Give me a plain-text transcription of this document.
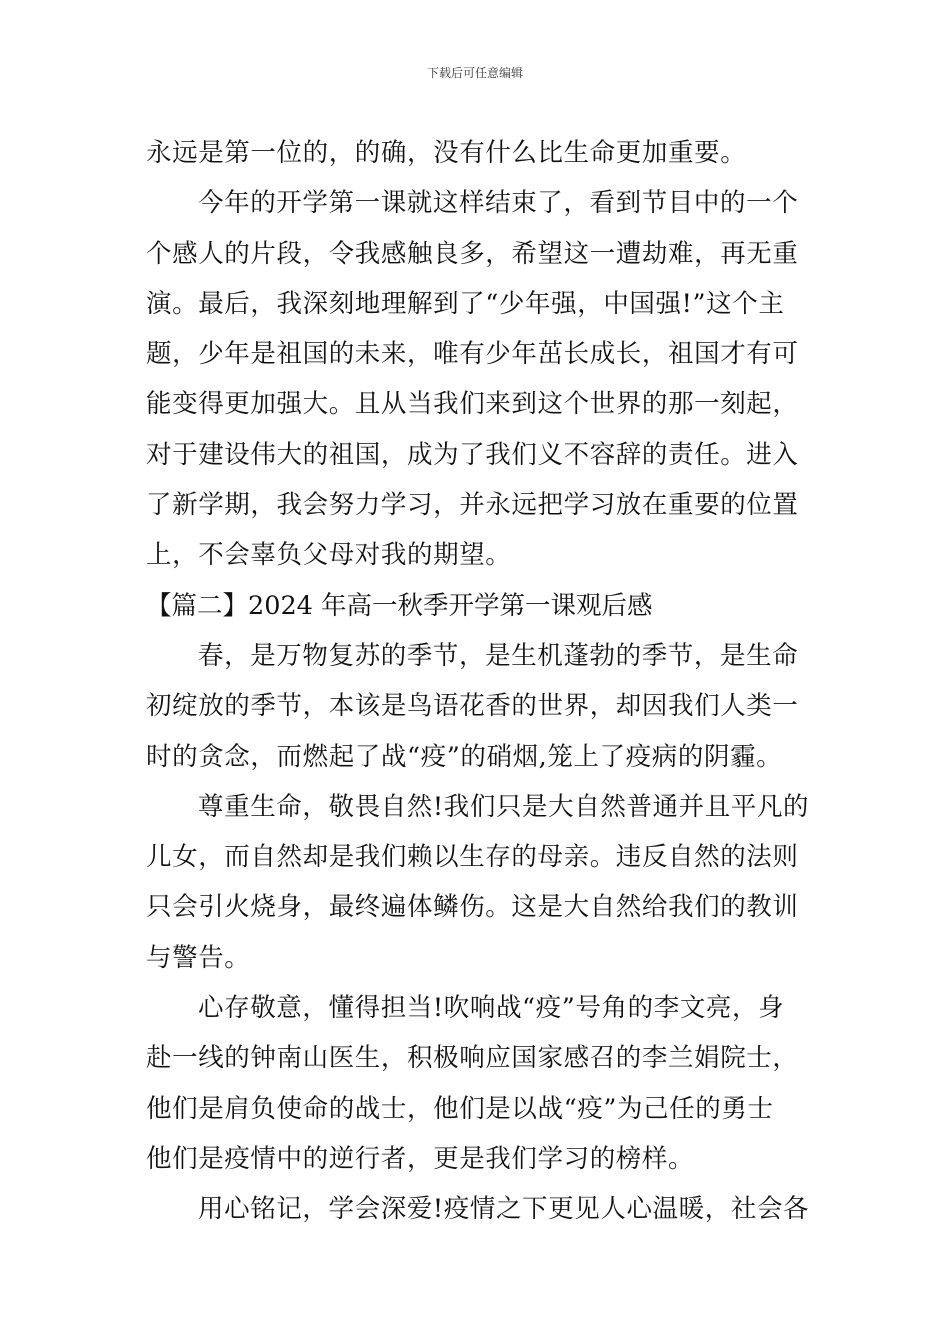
下载后可任意编辑
永远是第一位的，的确，没有什么比生命更加重要。
今年的开学第一课就这样结束了，看到节目中的一个
个感人的片段，令我感触良多，希望这一遭劫难，再无重
演。最后，我深刻地理解到了“少年强，中国强!”这个主
题，少年是祖国的未来，唯有少年茁长成长，祖国才有可
能变得更加强大。且从当我们来到这个世界的那一刻起，
对于建设伟大的祖国，成为了我们义不容辞的责任。进入
了新学期，我会努力学习，并永远把学习放在重要的位置
上，不会辜负父母对我的期望。
【篇二】2024 年高一秋季开学第一课观后感
春，是万物复苏的季节，是生机蓬勃的季节，是生命
初绽放的季节，本该是鸟语花香的世界，却因我们人类一
时的贪念，而燃起了战“疫”的硝烟,笼上了疫病的阴霾。
尊重生命，敬畏自然!我们只是大自然普通并且平凡的
儿女，而自然却是我们赖以生存的母亲。违反自然的法则
只会引火烧身，最终遍体鳞伤。这是大自然给我们的教训
与警告。
心存敬意，懂得担当!吹响战“疫”号角的李文亮，身
赴一线的钟南山医生，积极响应国家感召的李兰娟院士，
他们是肩负使命的战士，他们是以战“疫”为己任的勇士
他们是疫情中的逆行者，更是我们学习的榜样。
用心铭记，学会深爱!疫情之下更见人心温暖，社会各
